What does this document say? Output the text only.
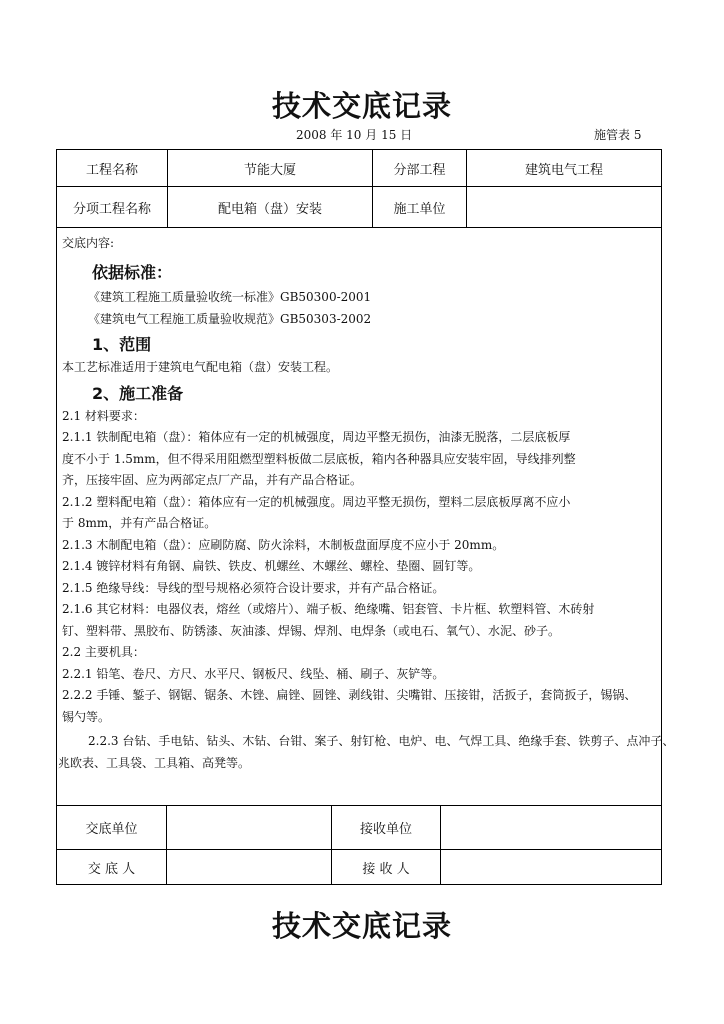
技术交底记录
2008 年 10 月 15 日	施管表 5
工程名称	节能大厦	分部工程	建筑电气工程
分项工程名称	配电箱（盘）安装	施工单位
交底内容:
依据标准：
《建筑工程施工质量验收统一标准》GB50300-2001
《建筑电气工程施工质量验收规范》GB50303-2002
1、范围
本工艺标准适用于建筑电气配电箱（盘）安装工程。
2、施工准备
2.1 材料要求：
2.1.1 铁制配电箱（盘）：箱体应有一定的机械强度，周边平整无损伤，油漆无脱落，二层底板厚
度不小于 1.5mm，但不得采用阻燃型塑料板做二层底板，箱内各种器具应安装牢固，导线排列整
齐，压接牢固、应为两部定点厂产品，并有产品合格证。
2.1.2 塑料配电箱（盘）：箱体应有一定的机械强度。周边平整无损伤，塑料二层底板厚离不应小
于 8mm，并有产品合格证。
2.1.3 木制配电箱（盘）：应刷防腐、防火涂料，木制板盘面厚度不应小于 20mm。
2.1.4 镀锌材料有角钢、扁铁、铁皮、机螺丝、木螺丝、螺栓、垫圈、圆钉等。
2.1.5 绝缘导线：导线的型号规格必须符合设计要求，并有产品合格证。
2.1.6 其它材料：电器仪表，熔丝（或熔片）、端子板、绝缘嘴、铝套管、卡片框、软塑料管、木砖射
钉、塑料带、黑胶布、防锈漆、灰油漆、焊锡、焊剂、电焊条（或电石、氧气）、水泥、砂子。
2.2 主要机具：
2.2.1 铅笔、卷尺、方尺、水平尺、钢板尺、线坠、桶、刷子、灰铲等。
2.2.2 手锤、錾子、钢锯、锯条、木锉、扁锉、圆锉、剥线钳、尖嘴钳、压接钳，活扳子，套筒扳子，锡锅、
锡勺等。
2.2.3 台钻、手电钻、钻头、木钻、台钳、案子、射钉枪、电炉、电、气焊工具、绝缘手套、铁剪子、点冲子、
兆欧表、工具袋、工具箱、高凳等。
交底单位	接收单位
交 底 人	接 收 人
技术交底记录
